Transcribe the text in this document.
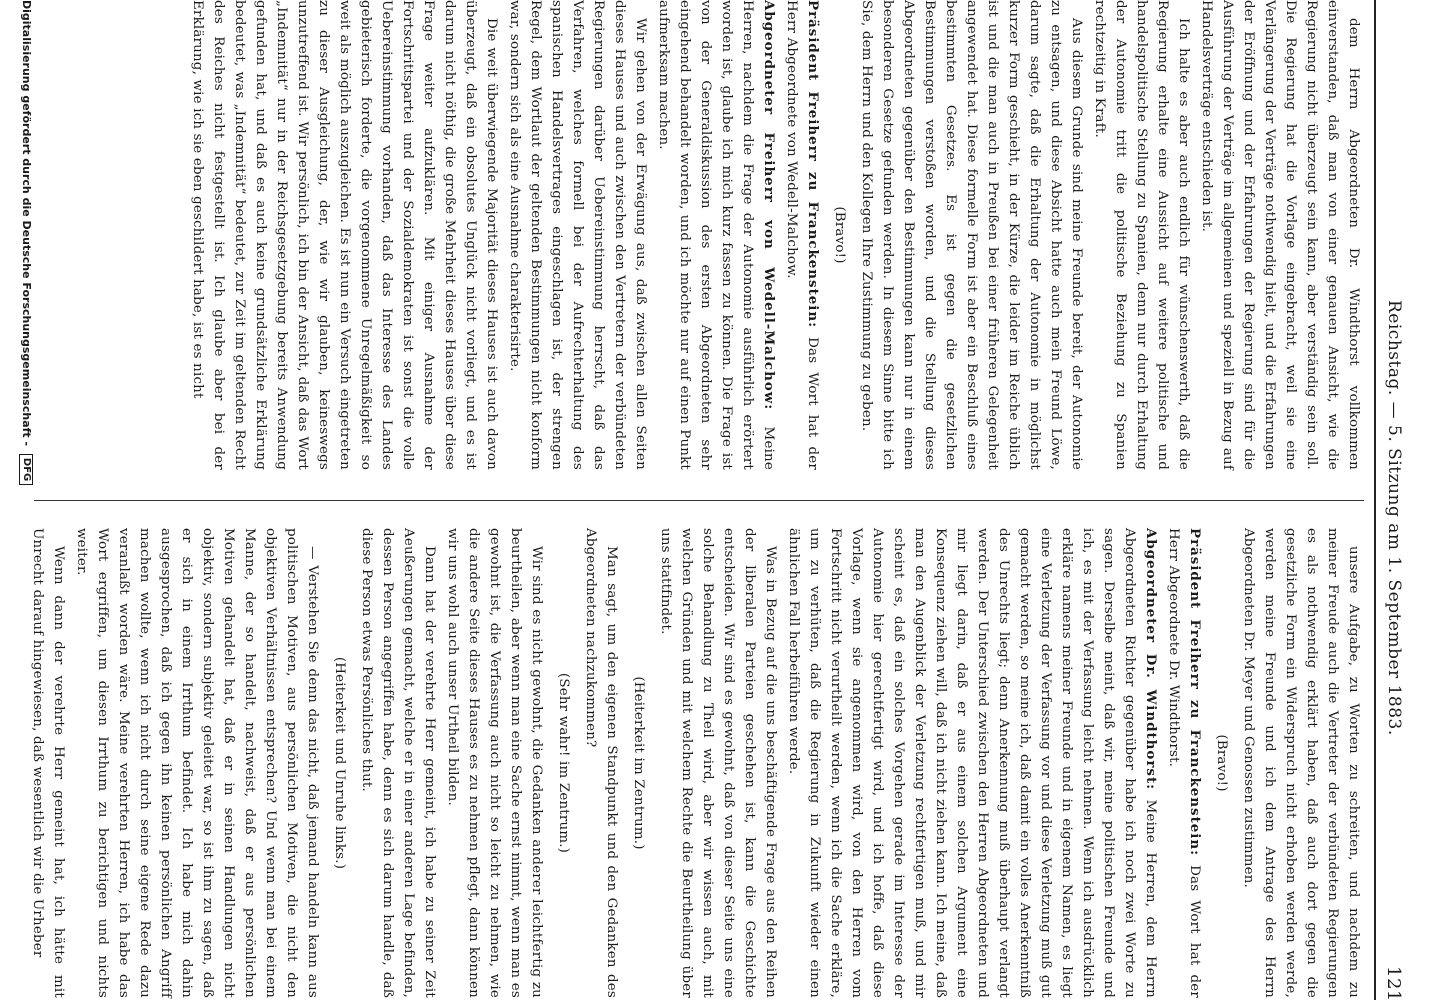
Reichstag. — 5. Sitzung am 1. September 1883.
121

dem Herrn Abgeordneten Dr. Windthorst vollkommen einverstanden, daß man von einer genauen Ansicht, wie die Regierung nicht überzeugt sein kann, aber verständig sein soll. Die Regierung hat die Vorlage eingebracht, weil sie eine Verlängerung der Verträge nothwendig hielt, und die Erfahrungen der Eröffnung und der Erfahrungen der Regierung sind für die Ausführung der Verträge im allgemeinen und speziell in Bezug auf Handelsverträge entschieden ist.

Ich halte es aber auch endlich für wünschenswerth, daß die Regierung erhalte eine Aussicht auf weitere politische und handelspolitische Stellung zu Spanien, denn nur durch Erhaltung der Autonomie tritt die politische Beziehung zu Spanien rechtzeitig in Kraft.

Aus diesem Grunde sind meine Freunde bereit, der Autonomie zu entsagen, und diese Absicht hatte auch mein Freund Löwe, darum sagte, daß die Erhaltung der Autonomie in möglichst kurzer Form geschieht, in der Kürze, die leider im Reiche üblich ist und die man auch in Preußen bei einer früheren Gelegenheit angewendet hat. Diese formelle Form ist aber ein Beschluß eines bestimmten Gesetzes. Es ist gegen die gesetzlichen Bestimmungen verstoßen worden, und die Stellung dieses Abgeordneten gegenüber den Bestimmungen kann nur in einem besonderen Gesetze gefunden werden. In diesem Sinne bitte ich Sie, dem Herrn und den Kollegen Ihre Zustimmung zu geben.

(Bravo!)

Präsident Freiherr zu Franckenstein: Das Wort hat der Herr Abgeordnete von Wedell-Malchow.

Abgeordneter Freiherr von Wedell-Malchow: Meine Herren, nachdem die Frage der Autonomie ausführlich erörtert worden ist, glaube ich mich kurz fassen zu können. Die Frage ist von der Generaldiskussion des ersten Abgeordneten sehr eingehend behandelt worden, und ich möchte nur auf einen Punkt aufmerksam machen.

Wir gehen von der Erwägung aus, daß zwischen allen Seiten dieses Hauses und auch zwischen den Vertretern der verbündeten Regierungen darüber Uebereinstimmung herrscht, daß das Verfahren, welches formell bei der Aufrechterhaltung des spanischen Handelsvertrages eingeschlagen ist, der strengen Regel, dem Wortlaut der geltenden Bestimmungen nicht konform war, sondern sich als eine Ausnahme charakterisirte.

Die weit überwiegende Majorität dieses Hauses ist auch davon überzeugt, daß ein obsolutes Unglück nicht vorliegt, und es ist darum nicht nöthig, die große Mehrheit dieses Hauses über diese Frage weiter aufzuklären. Mit einiger Ausnahme der Fortschrittspartei und der Sozialdemokraten ist sonst die volle Uebereinstimmung vorhanden, daß das Interesse des Landes gebieterisch forderte, die vorgenommene Unregelmäßigkeit so weit als möglich auszugleichen. Es ist nun ein Versuch eingetreten zu dieser Ausgleichung, der, wie wir glauben, keineswegs unzutreffend ist. Wir persönlich, ich bin der Ansicht, daß das Wort „Indemnität“ nur in der Reichsgesetzgebung bereits Anwendung gefunden hat, und daß es auch keine grundsätzliche Erklärung bedeutet, was „Indemnität“ bedeutet, zur Zeit im geltenden Recht des Reiches nicht festgestellt ist. Ich glaube aber bei der Erklärung, wie ich sie eben geschildert habe, ist es nicht

unsere Aufgabe, zu Worten zu schreiten, und nachdem zu meiner Freude auch die Vertreter der verbündeten Regierungen es als nothwendig erklärt haben, daß auch dort gegen die gesetzliche Form ein Widerspruch nicht erhoben werden werde, werden meine Freunde und ich dem Antrage des Herrn Abgeordneten Dr. Meyer und Genossen zustimmen.

(Bravo!)

Präsident Freiherr zu Franckenstein: Das Wort hat der Herr Abgeordnete Dr. Windthorst.

Abgeordneter Dr. Windthorst: Meine Herren, dem Herrn Abgeordneten Richter gegenüber habe ich noch zwei Worte zu sagen. Derselbe meint, daß wir, meine politischen Freunde und ich, es mit der Verfassung leicht nehmen. Wenn ich ausdrücklich erkläre namens meiner Freunde und in eigenem Namen, es liegt eine Verletzung der Verfassung vor und diese Verletzung muß gut gemacht werden, so meine ich, daß damit ein volles Anerkenntniß des Unrechts liegt; denn Anerkennung muß überhaupt verlangt werden. Der Unterschied zwischen den Herren Abgeordneten und mir liegt darin, daß er aus einem solchen Argument eine Konsequenz ziehen will, daß ich nicht ziehen kann. Ich meine, daß man den Augenblick der Verletzung rechtfertigen muß, und mir scheint es, daß ein solches Vorgehen gerade im Interesse der Autonomie hier gerechtfertigt wird, und ich hoffe, daß diese Vorlage, wenn sie angenommen wird, von den Herren vom Fortschritt nicht verurtheilt werden, wenn ich die Sache erkläre, um zu verhüten, daß die Regierung in Zukunft wieder einen ähnlichen Fall herbeiführen werde.

Was in Bezug auf die uns beschäftigende Frage aus den Reihen der liberalen Parteien geschehen ist, kann die Geschichte entscheiden. Wir sind es gewohnt, daß von dieser Seite uns eine solche Behandlung zu Theil wird, aber wir wissen auch, mit welchen Gründen und mit welchem Rechte die Beurtheilung über uns stattfindet.

(Heiterkeit im Zentrum.)

Man sagt, um den eigenen Standpunkt und den Gedanken des Abgeordneten nachzukommen?

(Sehr wahr! im Zentrum.)

Wir sind es nicht gewohnt, die Gedanken anderer leichtfertig zu beurtheilen, aber wenn man eine Sache ernst nimmt, wenn man es gewohnt ist, die Verfassung auch nicht so leicht zu nehmen, wie die andere Seite dieses Hauses es zu nehmen pflegt, dann können wir uns wohl auch unser Urtheil bilden.

Dann hat der verehrte Herr gemeint, ich habe zu seiner Zeit Aeußerungen gemacht, welche er in einer anderen Lage befinden, dessen Person angegriffen habe, denn es sich darum handle, daß diese Person etwas Persönliches thut.

(Heiterkeit und Unruhe links.)

— Verstehen Sie denn das nicht, daß jemand handeln kann aus politischen Motiven, aus persönlichen Motiven, die nicht den objektiven Verhältnissen entsprechen? Und wenn man bei einem Manne, der so handelt, nachweist, daß er aus persönlichen Motiven gehandelt hat, daß er in seinen Handlungen nicht objektiv, sondern subjektiv geleitet war, so ist ihm zu sagen, daß er sich in einem Irrthum befindet. Ich habe mich dahin ausgesprochen, daß ich gegen ihn keinen persönlichen Angriff machen wollte, wenn ich nicht durch seine eigene Rede dazu veranlaßt worden wäre. Meine verehrten Herren, ich habe das Wort ergriffen, um diesen Irrthum zu berichtigen und nichts weiter.

Wenn dann der verehrte Herr gemeint hat, ich hätte mit Unrecht darauf hingewiesen, daß wesentlich wir die Urheber

Digitalisierung gefördert durch die Deutsche Forschungsgemeinschaft - DFG
